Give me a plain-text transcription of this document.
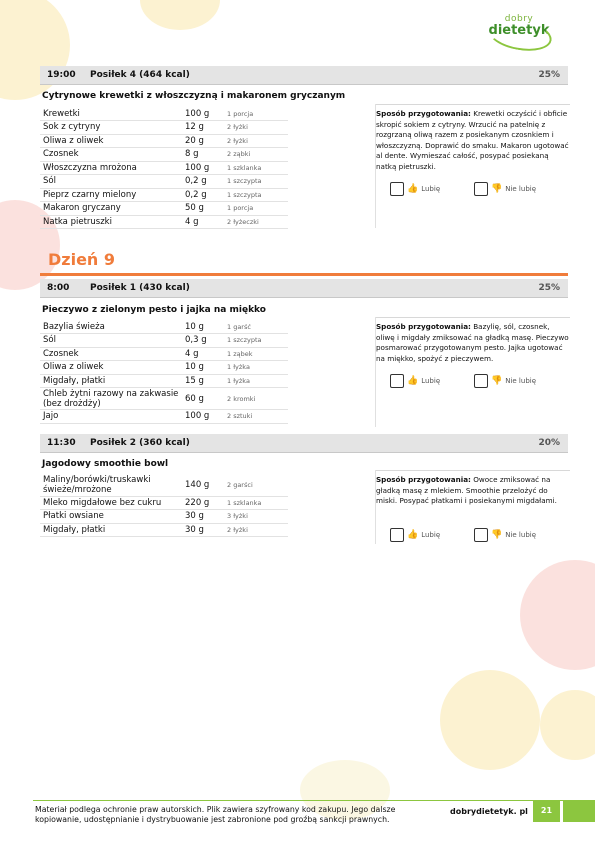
dobry
dietetyk
19:00 Posiłek 4 (464 kcal)	25%
Cytrynowe krewetki z włoszczyzną i makaronem gryczanym
Krewetki	100 g	1 porcja
Sok z cytryny	12 g	2 łyżki
Oliwa z oliwek	20 g	2 łyżki
Czosnek	8 g	2 ząbki
Włoszczyzna mrożona	100 g	1 szklanka
Sól	0,2 g	1 szczypta
Pieprz czarny mielony	0,2 g	1 szczypta
Makaron gryczany	50 g	1 porcja
Natka pietruszki	4 g	2 łyżeczki
Sposób przygotowania: Krewetki oczyścić i obficie skropić sokiem z cytryny. Wrzucić na patelnię z rozgrzaną oliwą razem z posiekanym czosnkiem i włoszczyzną. Doprawić do smaku. Makaron ugotować al dente. Wymieszać całość, posypać posiekaną natką pietruszki.
👍 Lubię	👎 Nie lubię
Dzień 9
8:00 Posiłek 1 (430 kcal)	25%
Pieczywo z zielonym pesto i jajka na miękko
Bazylia świeża	10 g	1 garść
Sól	0,3 g	1 szczypta
Czosnek	4 g	1 ząbek
Oliwa z oliwek	10 g	1 łyżka
Migdały, płatki	15 g	1 łyżka
Chleb żytni razowy na zakwasie (bez drożdży)	60 g	2 kromki
Jajo	100 g	2 sztuki
Sposób przygotowania: Bazylię, sól, czosnek, oliwę i migdały zmiksować na gładką masę. Pieczywo posmarować przygotowanym pesto. Jajka ugotować na miękko, spożyć z pieczywem.
👍 Lubię	👎 Nie lubię
11:30 Posiłek 2 (360 kcal)	20%
Jagodowy smoothie bowl
Maliny/borówki/truskawki świeże/mrożone	140 g	2 garści
Mleko migdałowe bez cukru	220 g	1 szklanka
Płatki owsiane	30 g	3 łyżki
Migdały, płatki	30 g	2 łyżki
Sposób przygotowania: Owoce zmiksować na gładką masę z mlekiem. Smoothie przelożyć do miski. Posypać płatkami i posiekanymi migdałami.
👍 Lubię	👎 Nie lubię
Materiał podlega ochronie praw autorskich. Plik zawiera szyfrowany kod zakupu. Jego dalsze kopiowanie, udostępnianie i dystrybuowanie jest zabronione pod groźbą sankcji prawnych.
dobrydietetyk. pl	21
